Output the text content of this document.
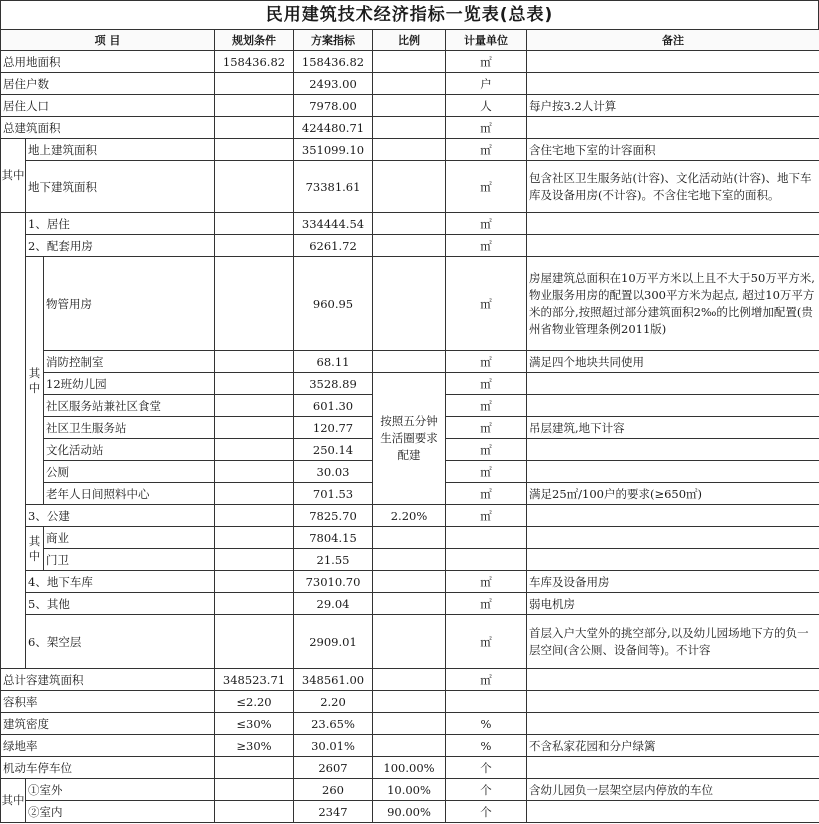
民用建筑技术经济指标一览表(总表)
项 目			规划条件	方案指标	比例	计量单位	备注
总用地面积			158436.82	158436.82		㎡	
居住户数				2493.00		户	
居住人口				7978.00		人	每户按3.2人计算
总建筑面积				424480.71		㎡	
其中	地上建筑面积			351099.10		㎡	含住宅地下室的计容面积
	地下建筑面积			73381.61		㎡	包含社区卫生服务站(计容)、文化活动站(计容)、地下车库及设备用房(不计容)。不含住宅地下室的面积。
	1、居住			334444.54		㎡	
	2、配套用房			6261.72		㎡	
	其中	物管用房		960.95		㎡	房屋建筑总面积在10万平方米以上且不大于50万平方米,物业服务用房的配置以300平方米为起点, 超过10万平方米的部分,按照超过部分建筑面积2‰的比例增加配置(贵州省物业管理条例2011版)
		消防控制室		68.11		㎡	满足四个地块共同使用
		12班幼儿园		3528.89	按照五分钟生活圈要求配建	㎡	
		社区服务站兼社区食堂		601.30		㎡	
		社区卫生服务站		120.77		㎡	吊层建筑,地下计容
		文化活动站		250.14		㎡	
		公厕		30.03		㎡	
		老年人日间照料中心		701.53		㎡	满足25㎡/100户的要求(≥650㎡)
	3、公建			7825.70	2.20%	㎡	
	其中	商业		7804.15			
		门卫		21.55			
	4、地下车库			73010.70		㎡	车库及设备用房
	5、其他			29.04		㎡	弱电机房
	6、架空层			2909.01		㎡	首层入户大堂外的挑空部分,以及幼儿园场地下方的负一层空间(含公厕、设备间等)。不计容
总计容建筑面积			348523.71	348561.00		㎡	
容积率			≤2.20	2.20			
建筑密度			≤30%	23.65%		%	
绿地率			≥30%	30.01%		%	不含私家花园和分户绿篱
机动车停车位				2607	100.00%	个	
其中	①室外			260	10.00%	个	含幼儿园负一层架空层内停放的车位
	②室内			2347	90.00%	个	
